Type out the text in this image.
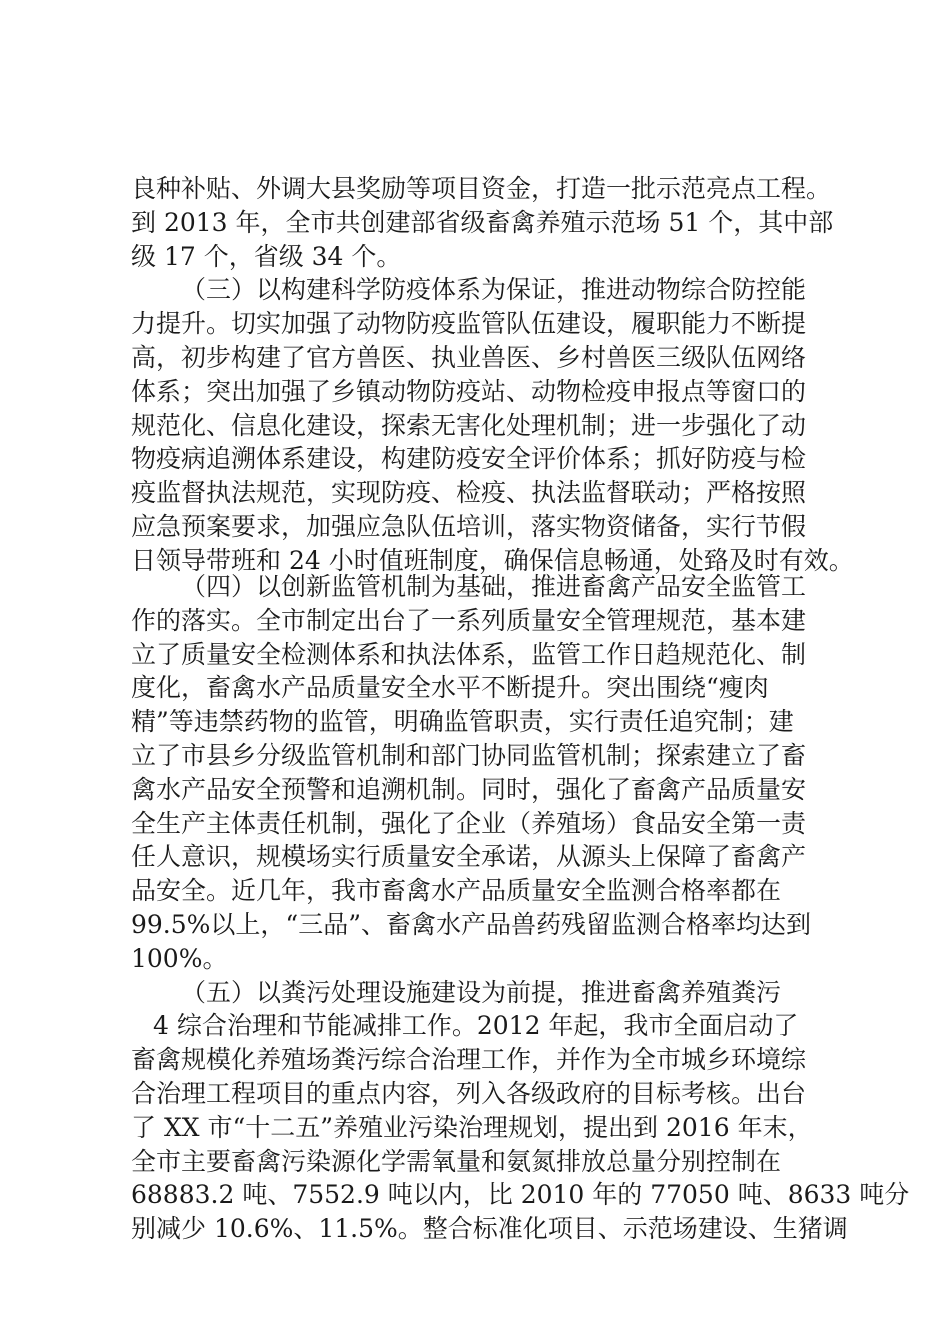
良种补贴、外调大县奖励等项目资金，打造一批示范亮点工程。
到 2013 年，全市共创建部省级畜禽养殖示范场 51 个，其中部
级 17 个，省级 34 个。
（三）以构建科学防疫体系为保证，推进动物综合防控能
力提升。切实加强了动物防疫监管队伍建设，履职能力不断提
高，初步构建了官方兽医、执业兽医、乡村兽医三级队伍网络
体系；突出加强了乡镇动物防疫站、动物检疫申报点等窗口的
规范化、信息化建设，探索无害化处理机制；进一步强化了动
物疫病追溯体系建设，构建防疫安全评价体系；抓好防疫与检
疫监督执法规范，实现防疫、检疫、执法监督联动；严格按照
应急预案要求，加强应急队伍培训，落实物资储备，实行节假
日领导带班和 24 小时值班制度，确保信息畅通，处臵及时有效。
（四）以创新监管机制为基础，推进畜禽产品安全监管工
作的落实。全市制定出台了一系列质量安全管理规范，基本建
立了质量安全检测体系和执法体系，监管工作日趋规范化、制
度化，畜禽水产品质量安全水平不断提升。突出围绕“瘦肉
精”等违禁药物的监管，明确监管职责，实行责任追究制；建
立了市县乡分级监管机制和部门协同监管机制；探索建立了畜
禽水产品安全预警和追溯机制。同时，强化了畜禽产品质量安
全生产主体责任机制，强化了企业（养殖场）食品安全第一责
任人意识，规模场实行质量安全承诺，从源头上保障了畜禽产
品安全。近几年，我市畜禽水产品质量安全监测合格率都在
99.5%以上，“三品”、畜禽水产品兽药残留监测合格率均达到
100%。
（五）以粪污处理设施建设为前提，推进畜禽养殖粪污
4 综合治理和节能减排工作。2012 年起，我市全面启动了
畜禽规模化养殖场粪污综合治理工作，并作为全市城乡环境综
合治理工程项目的重点内容，列入各级政府的目标考核。出台
了 XX 市“十二五”养殖业污染治理规划，提出到 2016 年末，
全市主要畜禽污染源化学需氧量和氨氮排放总量分别控制在
68883.2 吨、7552.9 吨以内，比 2010 年的 77050 吨、8633 吨分
别减少 10.6%、11.5%。整合标准化项目、示范场建设、生猪调
